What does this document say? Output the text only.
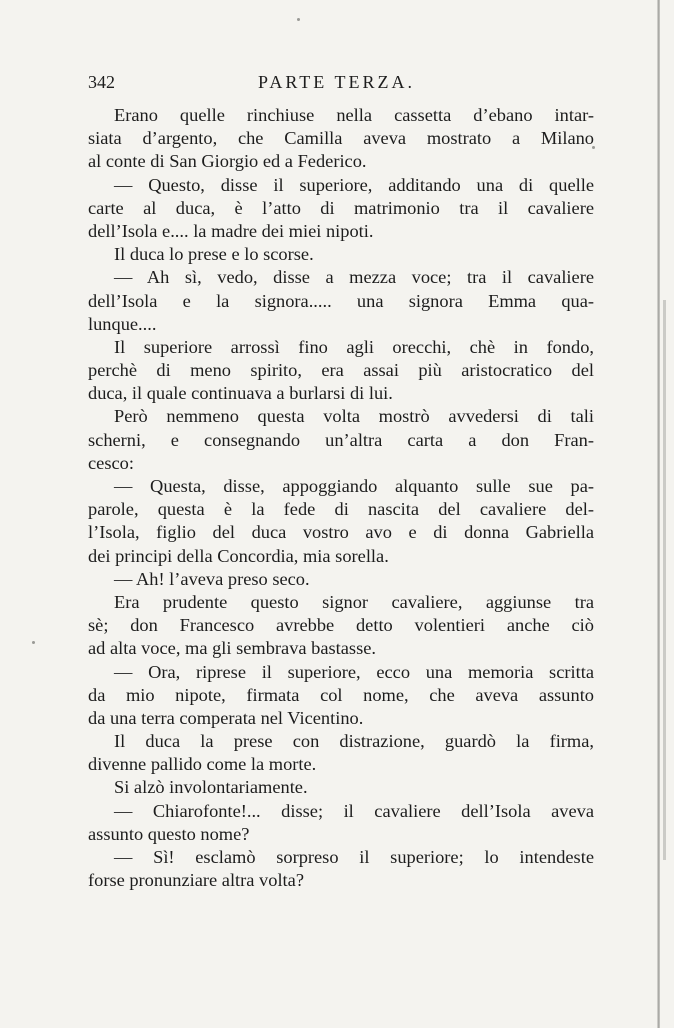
342	PARTE TERZA.
Erano quelle rinchiuse nella cassetta d’ebano intar-
siata d’argento, che Camilla aveva mostrato a Milano
al conte di San Giorgio ed a Federico.
— Questo, disse il superiore, additando una di quelle
carte al duca, è l’atto di matrimonio tra il cavaliere
dell’Isola e.... la madre dei miei nipoti.
Il duca lo prese e lo scorse.
— Ah sì, vedo, disse a mezza voce; tra il cavaliere
dell’Isola e la signora..... una signora Emma qua-
lunque....
Il superiore arrossì fino agli orecchi, chè in fondo,
perchè di meno spirito, era assai più aristocratico del
duca, il quale continuava a burlarsi di lui.
Però nemmeno questa volta mostrò avvedersi di tali
scherni, e consegnando un’altra carta a don Fran-
cesco:
— Questa, disse, appoggiando alquanto sulle sue pa-
parole, questa è la fede di nascita del cavaliere del-
l’Isola, figlio del duca vostro avo e di donna Gabriella
dei principi della Concordia, mia sorella.
— Ah! l’aveva preso seco.
Era prudente questo signor cavaliere, aggiunse tra
sè; don Francesco avrebbe detto volentieri anche ciò
ad alta voce, ma gli sembrava bastasse.
— Ora, riprese il superiore, ecco una memoria scritta
da mio nipote, firmata col nome, che aveva assunto
da una terra comperata nel Vicentino.
Il duca la prese con distrazione, guardò la firma,
divenne pallido come la morte.
Si alzò involontariamente.
— Chiarofonte!... disse; il cavaliere dell’Isola aveva
assunto questo nome?
— Sì! esclamò sorpreso il superiore; lo intendeste
forse pronunziare altra volta?
